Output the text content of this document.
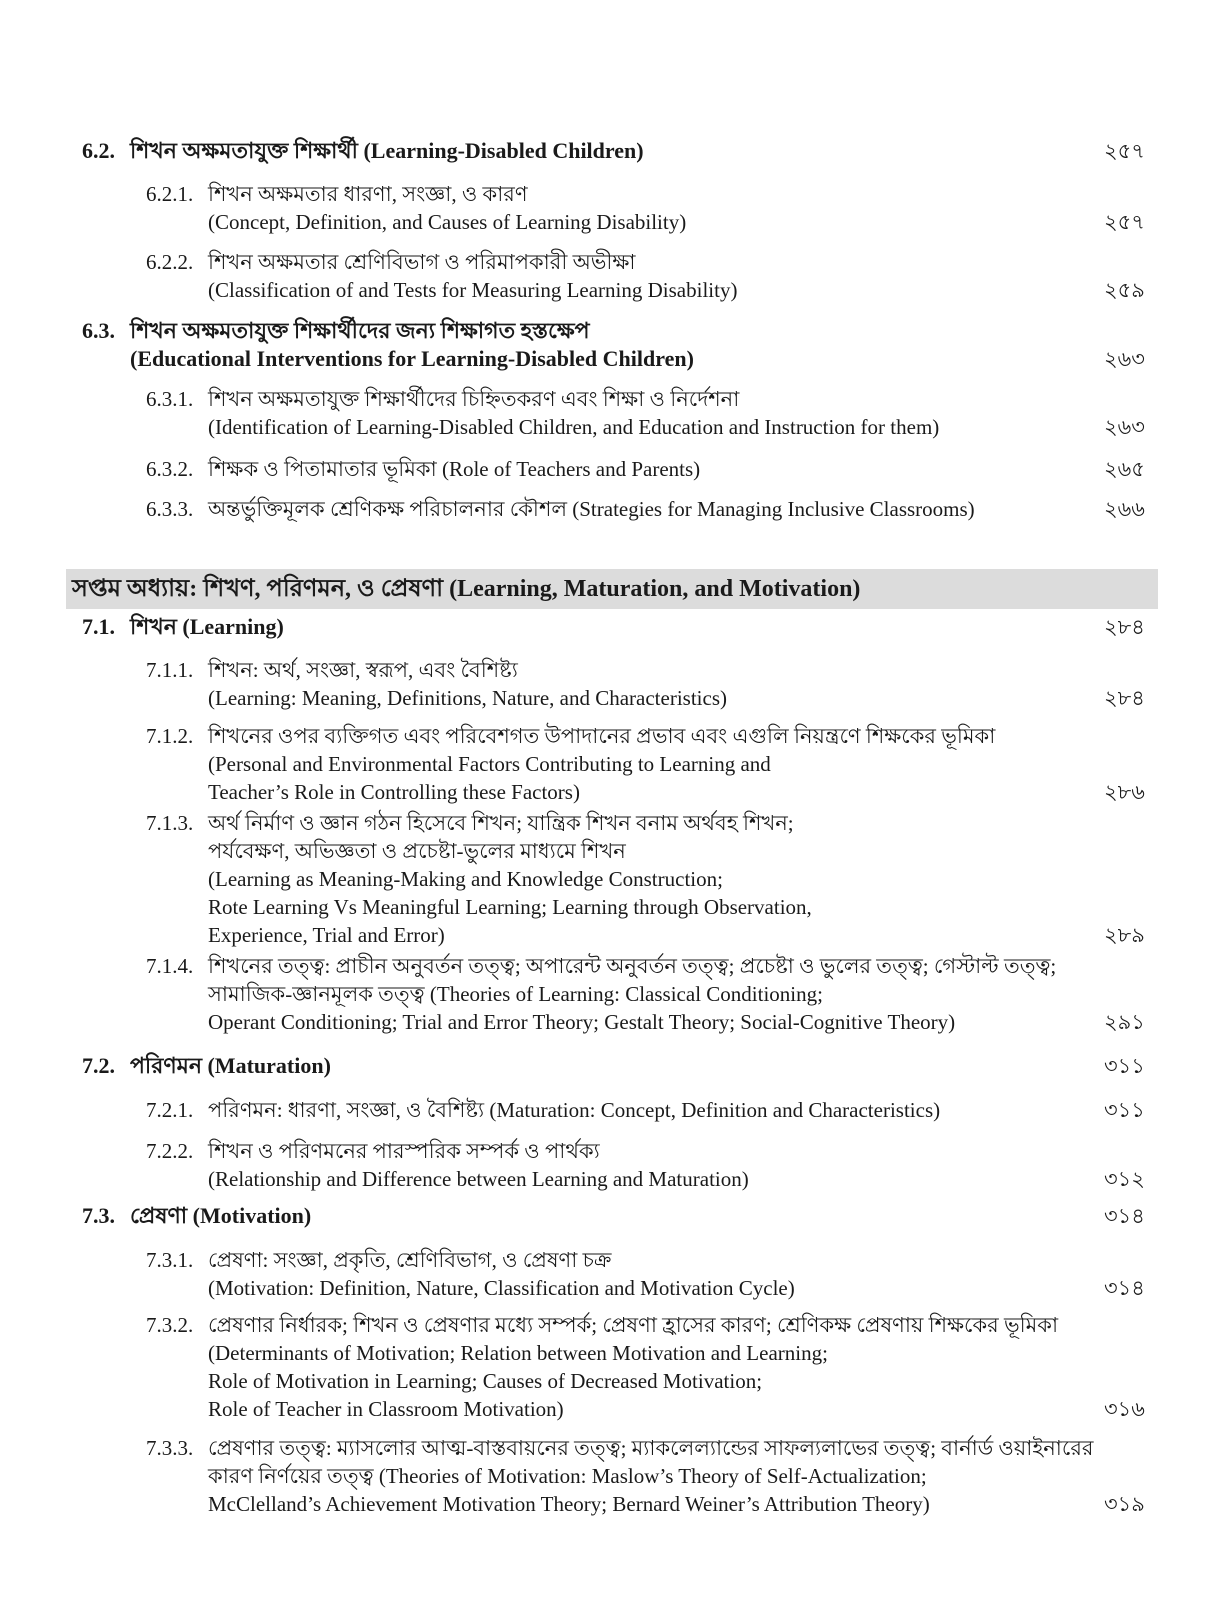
সপ্তম অধ্যায়: শিখণ, পরিণমন, ও প্রেষণা (Learning, Maturation, and Motivation)
6.2. শিখন অক্ষমতাযুক্ত শিক্ষার্থী (Learning-Disabled Children)	২৫৭
6.2.1. শিখন অক্ষমতার ধারণা, সংজ্ঞা, ও কারণ
(Concept, Definition, and Causes of Learning Disability)	২৫৭
6.2.2. শিখন অক্ষমতার শ্রেণিবিভাগ ও পরিমাপকারী অভীক্ষা
(Classification of and Tests for Measuring Learning Disability)	২৫৯
6.3. শিখন অক্ষমতাযুক্ত শিক্ষার্থীদের জন্য শিক্ষাগত হস্তক্ষেপ
(Educational Interventions for Learning-Disabled Children)	২৬৩
6.3.1. শিখন অক্ষমতাযুক্ত শিক্ষার্থীদের চিহ্নিতকরণ এবং শিক্ষা ও নির্দেশনা
(Identification of Learning-Disabled Children, and Education and Instruction for them)	২৬৩
6.3.2. শিক্ষক ও পিতামাতার ভূমিকা (Role of Teachers and Parents)	২৬৫
6.3.3. অন্তর্ভুক্তিমূলক শ্রেণিকক্ষ পরিচালনার কৌশল (Strategies for Managing Inclusive Classrooms)	২৬৬
7.1. শিখন (Learning)	২৮৪
7.1.1. শিখন: অর্থ, সংজ্ঞা, স্বরূপ, এবং বৈশিষ্ট্য
(Learning: Meaning, Definitions, Nature, and Characteristics)	২৮৪
7.1.2. শিখনের ওপর ব্যক্তিগত এবং পরিবেশগত উপাদানের প্রভাব এবং এগুলি নিয়ন্ত্রণে শিক্ষকের ভূমিকা
(Personal and Environmental Factors Contributing to Learning and
Teacher’s Role in Controlling these Factors)	২৮৬
7.1.3. অর্থ নির্মাণ ও জ্ঞান গঠন হিসেবে শিখন; যান্ত্রিক শিখন বনাম অর্থবহ শিখন;
পর্যবেক্ষণ, অভিজ্ঞতা ও প্রচেষ্টা-ভুলের মাধ্যমে শিখন
(Learning as Meaning-Making and Knowledge Construction;
Rote Learning Vs Meaningful Learning; Learning through Observation,
Experience, Trial and Error)	২৮৯
7.1.4. শিখনের তত্ত্ব: প্রাচীন অনুবর্তন তত্ত্ব; অপারেন্ট অনুবর্তন তত্ত্ব; প্রচেষ্টা ও ভুলের তত্ত্ব; গেস্টাল্ট তত্ত্ব;
সামাজিক-জ্ঞানমূলক তত্ত্ব (Theories of Learning: Classical Conditioning;
Operant Conditioning; Trial and Error Theory; Gestalt Theory; Social-Cognitive Theory)	২৯১
7.2. পরিণমন (Maturation)	৩১১
7.2.1. পরিণমন: ধারণা, সংজ্ঞা, ও বৈশিষ্ট্য (Maturation: Concept, Definition and Characteristics)	৩১১
7.2.2. শিখন ও পরিণমনের পারস্পরিক সম্পর্ক ও পার্থক্য
(Relationship and Difference between Learning and Maturation)	৩১২
7.3. প্রেষণা (Motivation)	৩১৪
7.3.1. প্রেষণা: সংজ্ঞা, প্রকৃতি, শ্রেণিবিভাগ, ও প্রেষণা চক্র
(Motivation: Definition, Nature, Classification and Motivation Cycle)	৩১৪
7.3.2. প্রেষণার নির্ধারক; শিখন ও প্রেষণার মধ্যে সম্পর্ক; প্রেষণা হ্রাসের কারণ; শ্রেণিকক্ষ প্রেষণায় শিক্ষকের ভূমিকা
(Determinants of Motivation; Relation between Motivation and Learning;
Role of Motivation in Learning; Causes of Decreased Motivation;
Role of Teacher in Classroom Motivation)	৩১৬
7.3.3. প্রেষণার তত্ত্ব: ম্যাসলোর আত্ম-বাস্তবায়নের তত্ত্ব; ম্যাকলেল্যান্ডের সাফল্যলাভের তত্ত্ব; বার্নার্ড ওয়াইনারের
কারণ নির্ণয়ের তত্ত্ব (Theories of Motivation: Maslow’s Theory of Self-Actualization;
McClelland’s Achievement Motivation Theory; Bernard Weiner’s Attribution Theory)	৩১৯
